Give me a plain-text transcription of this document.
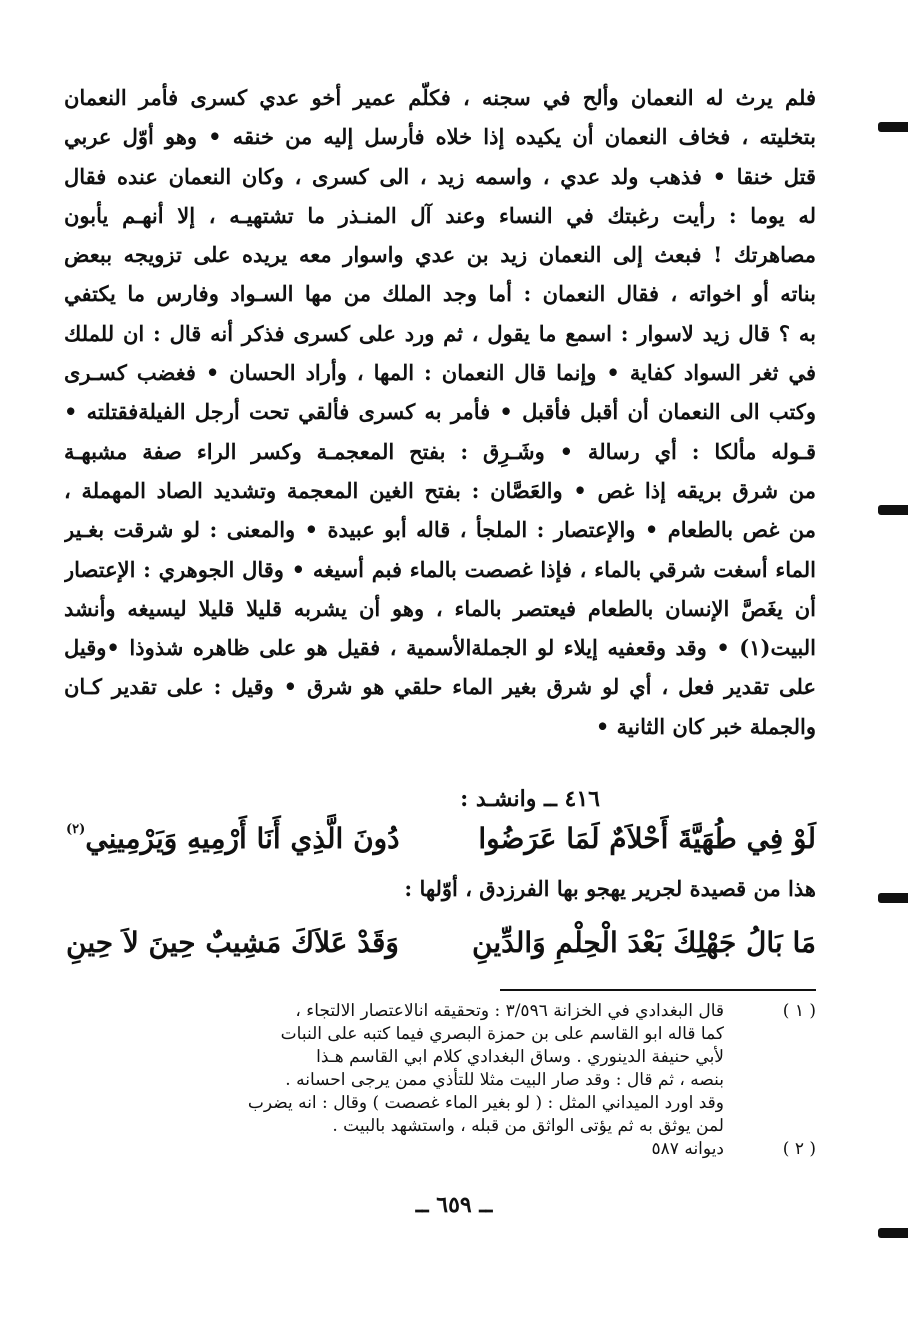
فلم يرث له النعمان وألح في سجنه ، فكلّم عمير أخو عدي كسرى فأمر النعمان
بتخليته ، فخاف النعمان أن يكيده إذا خلاه فأرسل إليه من خنقه • وهو أوّل عربي
قتل خنقا • فذهب ولد عدي ، واسمه زيد ، الى كسرى ، وكان النعمان عنده فقال
له يوما : رأيت رغبتك في النساء وعند آل المنـذر ما تشتهيـه ، إلا أنهـم يأبون
مصاهرتك ! فبعث إلى النعمان زيد بن عدي واسوار معه يريده على تزويجه ببعض
بناته أو اخواته ، فقال النعمان : أما وجد الملك من مها السـواد وفارس ما يكتفي
به ؟ قال زيد لاسوار : اسمع ما يقول ، ثم ورد على كسرى فذكر أنه قال : ان للملك
في ثغر السواد كفاية • وإنما قال النعمان : المها ، وأراد الحسان • فغضب كسـرى
وكتب الى النعمان أن أقبل فأقبل • فأمر به كسرى فألقي تحت أرجل الفيلةفقتلته •
قـوله مألكا : أي رسالة • وشَـرِق : بفتح المعجمـة وكسر الراء صفة مشبهـة
من شرق بريقه إذا غص • والعَصَّان : بفتح الغين المعجمة وتشديد الصاد المهملة ،
من غص بالطعام • والإعتصار : الملجأ ، قاله أبو عبيدة • والمعنى : لو شرقت بغـير
الماء أسغت شرقي بالماء ، فإذا غصصت بالماء فبم أسيغه • وقال الجوهري : الإعتصار
أن يغَصَّ الإنسان بالطعام فيعتصر بالماء ، وهو أن يشربه قليلا قليلا ليسيغه وأنشد
البيت(١) • وقد وقعفيه إيلاء لو الجملةالأسمية ، فقيل هو على ظاهره شذوذا •وقيل
على تقدير فعل ، أي لو شرق بغير الماء حلقي هو شرق • وقيل : على تقدير كـان
والجملة خبر كان الثانية •
٤١٦ ــ وانشـد :
لَوْ فِي طُهَيَّةَ أَحْلاَمٌ لَمَا عَرَضُوا
دُونَ الَّذِي أَنَا أَرْمِيهِ وَيَرْمِينِي$^{(٢)}$
هذا من قصيدة لجرير يهجو بها الفرزدق ، أوّلها :
مَا بَالُ جَهْلِكَ بَعْدَ الْحِلْمِ وَالدِّينِ
وَقَدْ عَلاَكَ مَشِيبٌ حِينَ لاَ حِينِ
( ١ )
قال البغدادي في الخزانة ٣/٥٩٦ : وتحقيقه انالاعتصار الالتجاء ،
كما قاله ابو القاسم على بن حمزة البصري فيما كتبه على النبات
لأبي حنيفة الدينوري . وساق البغدادي كلام ابي القاسم هـذا
بنصه ، ثم قال : وقد صار البيت مثلا للتأذي ممن يرجى احسانه .
وقد اورد الميداني المثل : ( لو بغير الماء غصصت ) وقال : انه يضرب
لمن يوثق به ثم يؤتى الواثق من قبله ، واستشهد بالبيت .
( ٢ )
ديوانه ٥٨٧
ــ ٦٥٩ ــ
